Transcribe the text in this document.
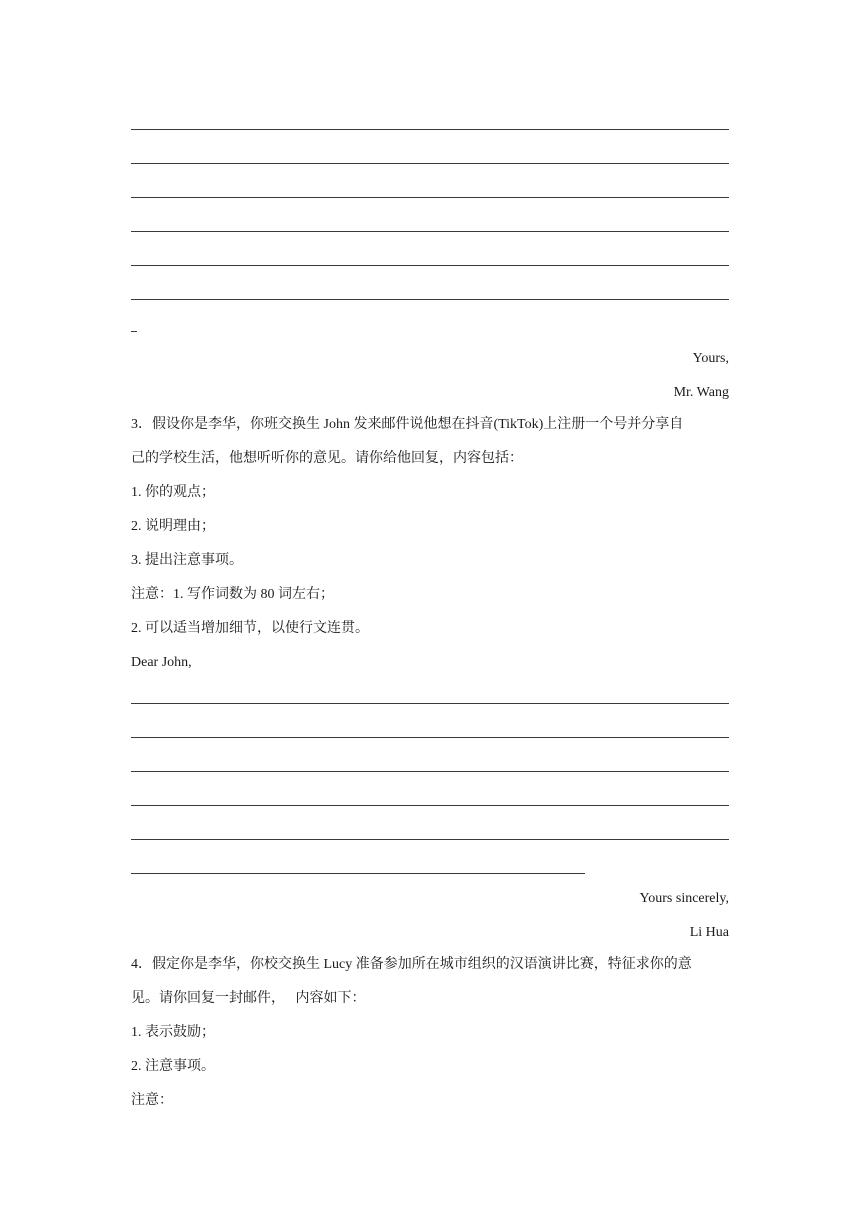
Yours,
Mr. Wang
3．假设你是李华，你班交换生 John 发来邮件说他想在抖音(TikTok)上注册一个号并分享自
己的学校生活，他想听听你的意见。请你给他回复，内容包括：
1. 你的观点；
2. 说明理由；
3. 提出注意事项。
注意：1. 写作词数为 80 词左右；
2. 可以适当增加细节，以使行文连贯。
Dear John,
Yours sincerely,
Li Hua
4．假定你是李华，你校交换生 Lucy 准备参加所在城市组织的汉语演讲比赛，特征求你的意
见。请你回复一封邮件，   内容如下：
1. 表示鼓励；
2. 注意事项。
注意：
